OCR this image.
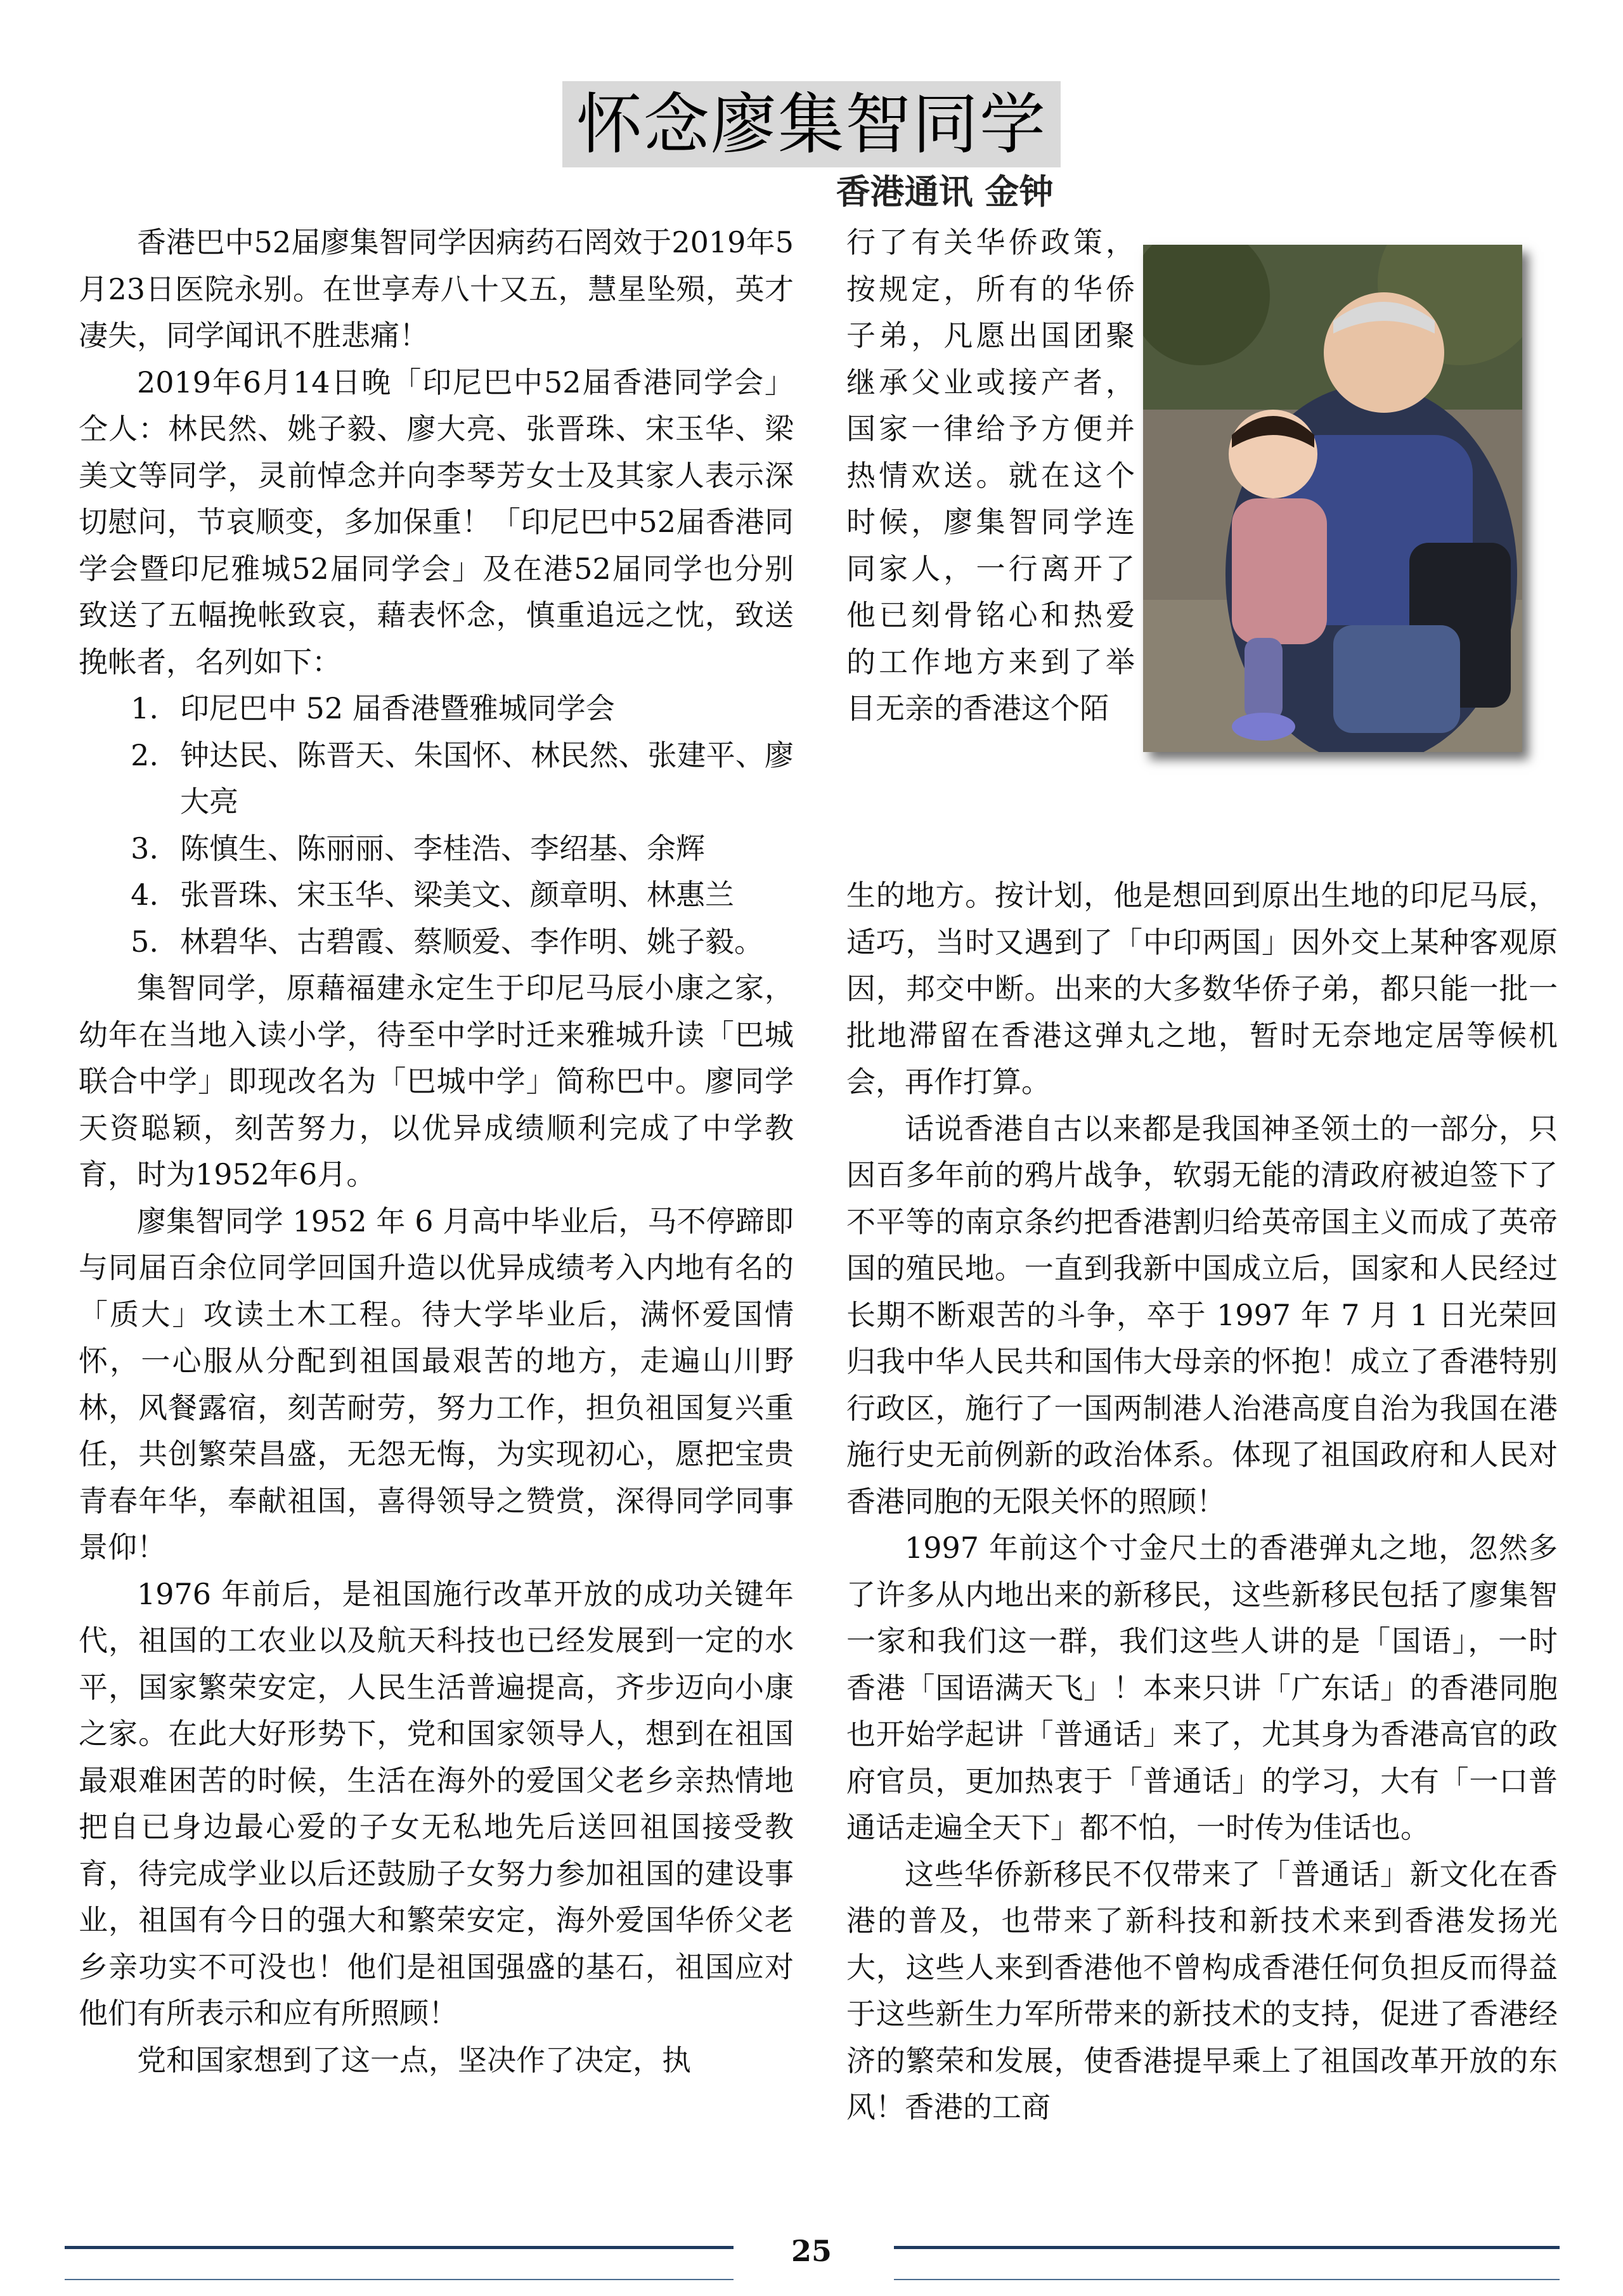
怀念廖集智同学
香港通讯 金钟

香港巴中52届廖集智同学因病药石罔效于2019年5月23日医院永别。在世享寿八十又五，慧星坠殒，英才凄失，同学闻讯不胜悲痛！

2019年6月14日晚「印尼巴中52届香港同学会」仝人：林民然、姚子毅、廖大亮、张晋珠、宋玉华、梁美文等同学，灵前悼念并向李琴芳女士及其家人表示深切慰问，节哀顺变，多加保重！「印尼巴中52届香港同学会暨印尼雅城52届同学会」及在港52届同学也分别致送了五幅挽帐致哀，藉表怀念，慎重追远之忱，致送挽帐者，名列如下：

1. 印尼巴中 52 届香港暨雅城同学会
2. 钟达民、陈晋天、朱国怀、林民然、张建平、廖大亮
3. 陈慎生、陈丽丽、李桂浩、李绍基、余辉
4. 张晋珠、宋玉华、梁美文、颜章明、林惠兰
5. 林碧华、古碧霞、蔡顺爱、李作明、姚子毅。

集智同学，原藉福建永定生于印尼马辰小康之家，幼年在当地入读小学，待至中学时迁来雅城升读「巴城联合中学」即现改名为「巴城中学」简称巴中。廖同学天资聪颖，刻苦努力，以优异成绩顺利完成了中学教育，时为1952年6月。

廖集智同学 1952 年 6 月高中毕业后，马不停蹄即与同届百余位同学回国升造以优异成绩考入内地有名的「质大」攻读土木工程。待大学毕业后，满怀爱国情怀，一心服从分配到祖国最艰苦的地方，走遍山川野林，风餐露宿，刻苦耐劳，努力工作，担负祖国复兴重任，共创繁荣昌盛，无怨无悔，为实现初心，愿把宝贵青春年华，奉献祖国，喜得领导之赞赏，深得同学同事景仰！

1976 年前后，是祖国施行改革开放的成功关键年代，祖国的工农业以及航天科技也已经发展到一定的水平，国家繁荣安定，人民生活普遍提高，齐步迈向小康之家。在此大好形势下，党和国家领导人，想到在祖国最艰难困苦的时候，生活在海外的爱国父老乡亲热情地把自已身边最心爱的子女无私地先后送回祖国接受教育，待完成学业以后还鼓励子女努力参加祖国的建设事业，祖国有今日的强大和繁荣安定，海外爱国华侨父老乡亲功实不可没也！他们是祖国强盛的基石，祖国应对他们有所表示和应有所照顾！

党和国家想到了这一点，坚决作了决定，执

行了有关华侨政策，按规定，所有的华侨子弟，凡愿出国团聚继承父业或接产者，国家一律给予方便并热情欢送。就在这个时候，廖集智同学连同家人，一行离开了他已刻骨铭心和热爱的工作地方来到了举目无亲的香港这个陌

生的地方。按计划，他是想回到原出生地的印尼马辰，适巧，当时又遇到了「中印两国」因外交上某种客观原因，邦交中断。出来的大多数华侨子弟，都只能一批一批地滞留在香港这弹丸之地，暂时无奈地定居等候机会，再作打算。

话说香港自古以来都是我国神圣领土的一部分，只因百多年前的鸦片战争，软弱无能的清政府被迫签下了不平等的南京条约把香港割归给英帝国主义而成了英帝国的殖民地。一直到我新中国成立后，国家和人民经过长期不断艰苦的斗争，卒于 1997 年 7 月 1 日光荣回归我中华人民共和国伟大母亲的怀抱！成立了香港特别行政区，施行了一国两制港人治港高度自治为我国在港施行史无前例新的政治体系。体现了祖国政府和人民对香港同胞的无限关怀的照顾！

1997 年前这个寸金尺土的香港弹丸之地，忽然多了许多从内地出来的新移民，这些新移民包括了廖集智一家和我们这一群，我们这些人讲的是「国语」，一时香港「国语满天飞」！本来只讲「广东话」的香港同胞也开始学起讲「普通话」来了，尤其身为香港高官的政府官员，更加热衷于「普通话」的学习，大有「一口普通话走遍全天下」都不怕，一时传为佳话也。

这些华侨新移民不仅带来了「普通话」新文化在香港的普及，也带来了新科技和新技术来到香港发扬光大，这些人来到香港他不曾构成香港任何负担反而得益于这些新生力军所带来的新技术的支持，促进了香港经济的繁荣和发展，使香港提早乘上了祖国改革开放的东风！香港的工商

25
